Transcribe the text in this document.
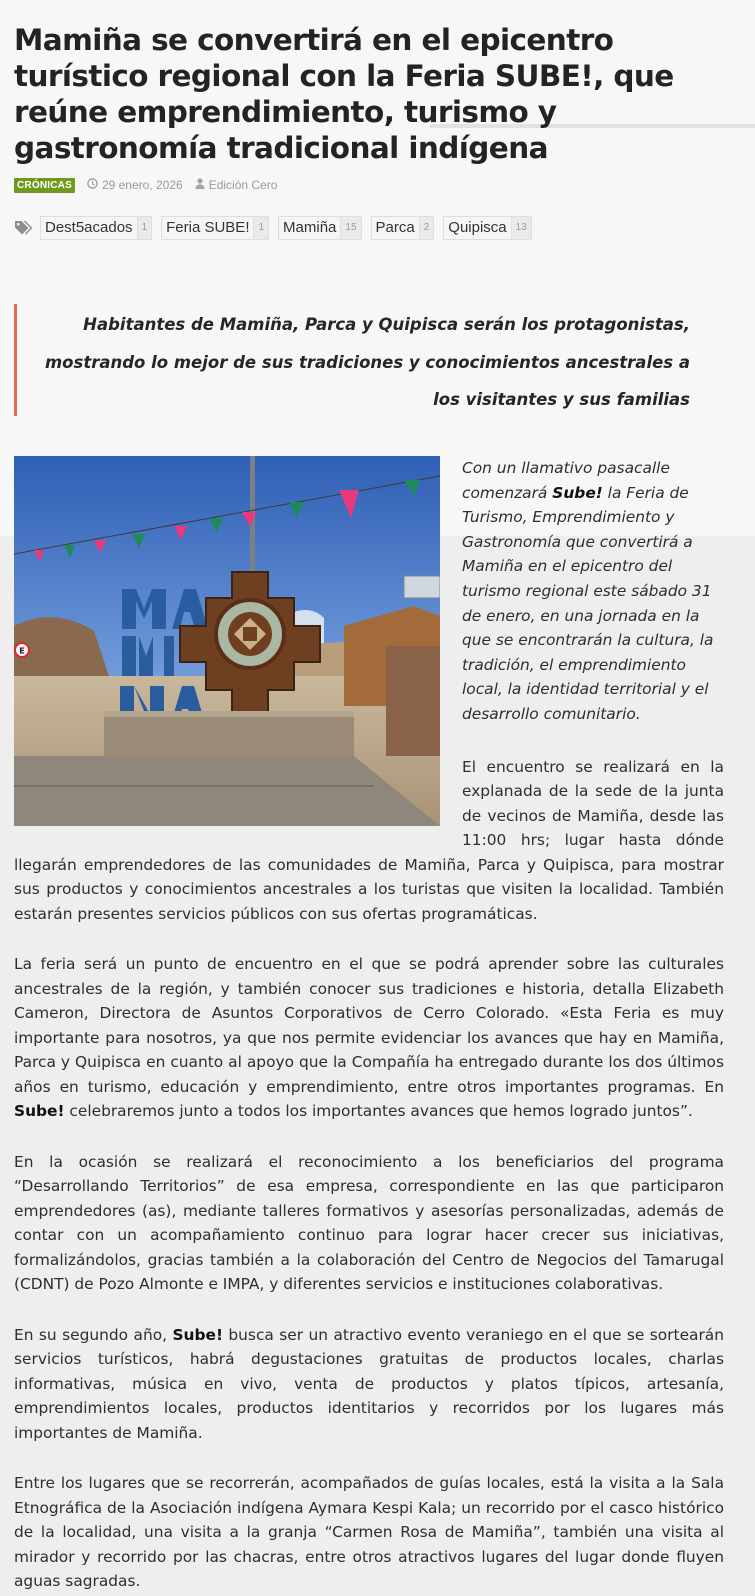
Mamiña se convertirá en el epicentro turístico regional con la Feria SUBE!, que reúne emprendimiento, turismo y gastronomía tradicional indígena
CRÓNICAS	29 enero, 2026 Edición Cero
Dest5acados 1 Feria SUBE! 1 Mamiña 15 Parca 2 Quipisca 13
Habitantes de Mamiña, Parca y Quipisca serán los protagonistas, mostrando lo mejor de sus tradiciones y conocimientos ancestrales a los visitantes y sus familias
E

Con un llamativo pasacalle comenzará Sube! la Feria de Turismo, Emprendimiento y Gastronomía que convertirá a Mamiña en el epicentro del turismo regional este sábado 31 de enero, en una jornada en la que se encontrarán la cultura, la tradición, el emprendimiento local, la identidad territorial y el desarrollo comunitario.

El encuentro se realizará en la explanada de la sede de la junta de vecinos de Mamiña, desde las 11:00 hrs; lugar hasta dónde llegarán emprendedores de las comunidades de Mamiña, Parca y Quipisca, para mostrar sus productos y conocimientos ancestrales a los turistas que visiten la localidad. También estarán presentes servicios públicos con sus ofertas programáticas.

La feria será un punto de encuentro en el que se podrá aprender sobre las culturales ancestrales de la región, y también conocer sus tradiciones e historia, detalla Elizabeth Cameron, Directora de Asuntos Corporativos de Cerro Colorado. «Esta Feria es muy importante para nosotros, ya que nos permite evidenciar los avances que hay en Mamiña, Parca y Quipisca en cuanto al apoyo que la Compañía ha entregado durante los dos últimos años en turismo, educación y emprendimiento, entre otros importantes programas. En Sube! celebraremos junto a todos los importantes avances que hemos logrado juntos”.

En la ocasión se realizará el reconocimiento a los beneficiarios del programa “Desarrollando Territorios” de esa empresa, correspondiente en las que participaron emprendedores (as), mediante talleres formativos y asesorías personalizadas, además de contar con un acompañamiento continuo para lograr hacer crecer sus iniciativas, formalizándolos, gracias también a la colaboración del Centro de Negocios del Tamarugal (CDNT) de Pozo Almonte e IMPA, y diferentes servicios e instituciones colaborativas.

En su segundo año, Sube! busca ser un atractivo evento veraniego en el que se sortearán servicios turísticos, habrá degustaciones gratuitas de productos locales, charlas informativas, música en vivo, venta de productos y platos típicos, artesanía, emprendimientos locales, productos identitarios y recorridos por los lugares más importantes de Mamiña.

Entre los lugares que se recorrerán, acompañados de guías locales, está la visita a la Sala Etnográfica de la Asociación indígena Aymara Kespi Kala; un recorrido por el casco histórico de la localidad, una visita a la granja “Carmen Rosa de Mamiña”, también una visita al mirador y recorrido por las chacras, entre otros atractivos lugares del lugar donde fluyen aguas sagradas.
